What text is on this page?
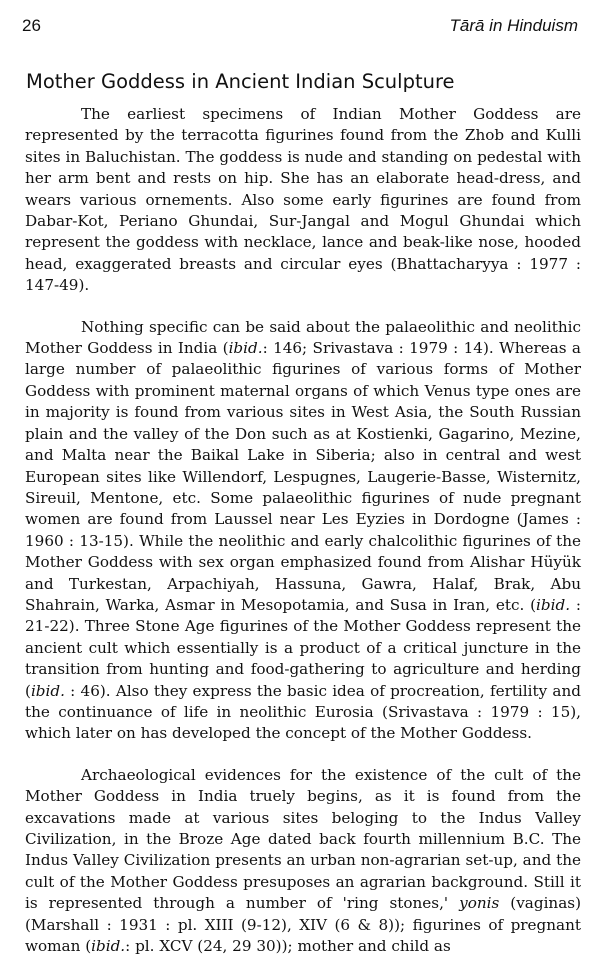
26	Tārā in Hinduism
Mother Goddess in Ancient Indian Sculpture

The earliest specimens of Indian Mother Goddess are represented by the terracotta figurines found from the Zhob and Kulli sites in Baluchistan. The goddess is nude and standing on pedestal with her arm bent and rests on hip. She has an elaborate head-dress, and wears various ornements. Also some early figurines are found from Dabar-Kot, Periano Ghundai, Sur-Jangal and Mogul Ghundai which represent the goddess with necklace, lance and beak-like nose, hooded head, exaggerated breasts and circular eyes (Bhattacharyya : 1977 : 147-49).

Nothing specific can be said about the palaeolithic and neolithic Mother Goddess in India (ibid.: 146; Srivastava : 1979 : 14). Whereas a large number of palaeolithic figurines of various forms of Mother Goddess with prominent maternal organs of which Venus type ones are in majority is found from various sites in West Asia, the South Russian plain and the valley of the Don such as at Kostienki, Gagarino, Mezine, and Malta near the Baikal Lake in Siberia; also in central and west European sites like Willendorf, Lespugnes, Laugerie-Basse, Wisternitz, Sireuil, Mentone, etc. Some palaeolithic figurines of nude pregnant women are found from Laussel near Les Eyzies in Dordogne (James : 1960 : 13-15). While the neolithic and early chalcolithic figurines of the Mother Goddess with sex organ emphasized found from Alishar Hüyük and Turkestan, Arpachiyah, Hassuna, Gawra, Halaf, Brak, Abu Shahrain, Warka, Asmar in Mesopotamia, and Susa in Iran, etc. (ibid. : 21-22). Three Stone Age figurines of the Mother Goddess represent the ancient cult which essentially is a product of a critical juncture in the transition from hunting and food-gathering to agriculture and herding (ibid. : 46). Also they express the basic idea of procreation, fertility and the continuance of life in neolithic Eurosia (Srivastava : 1979 : 15), which later on has developed the concept of the Mother Goddess.

Archaeological evidences for the existence of the cult of the Mother Goddess in India truely begins, as it is found from the excavations made at various sites beloging to the Indus Valley Civilization, in the Broze Age dated back fourth millennium B.C. The Indus Valley Civilization presents an urban non-agrarian set-up, and the cult of the Mother Goddess presuposes an agrarian background. Still it is represented through a number of 'ring stones,' yonis (vaginas) (Marshall : 1931 : pl. XIII (9-12), XIV (6 & 8)); figurines of pregnant woman (ibid.: pl. XCV (24, 29 30)); mother and child as
